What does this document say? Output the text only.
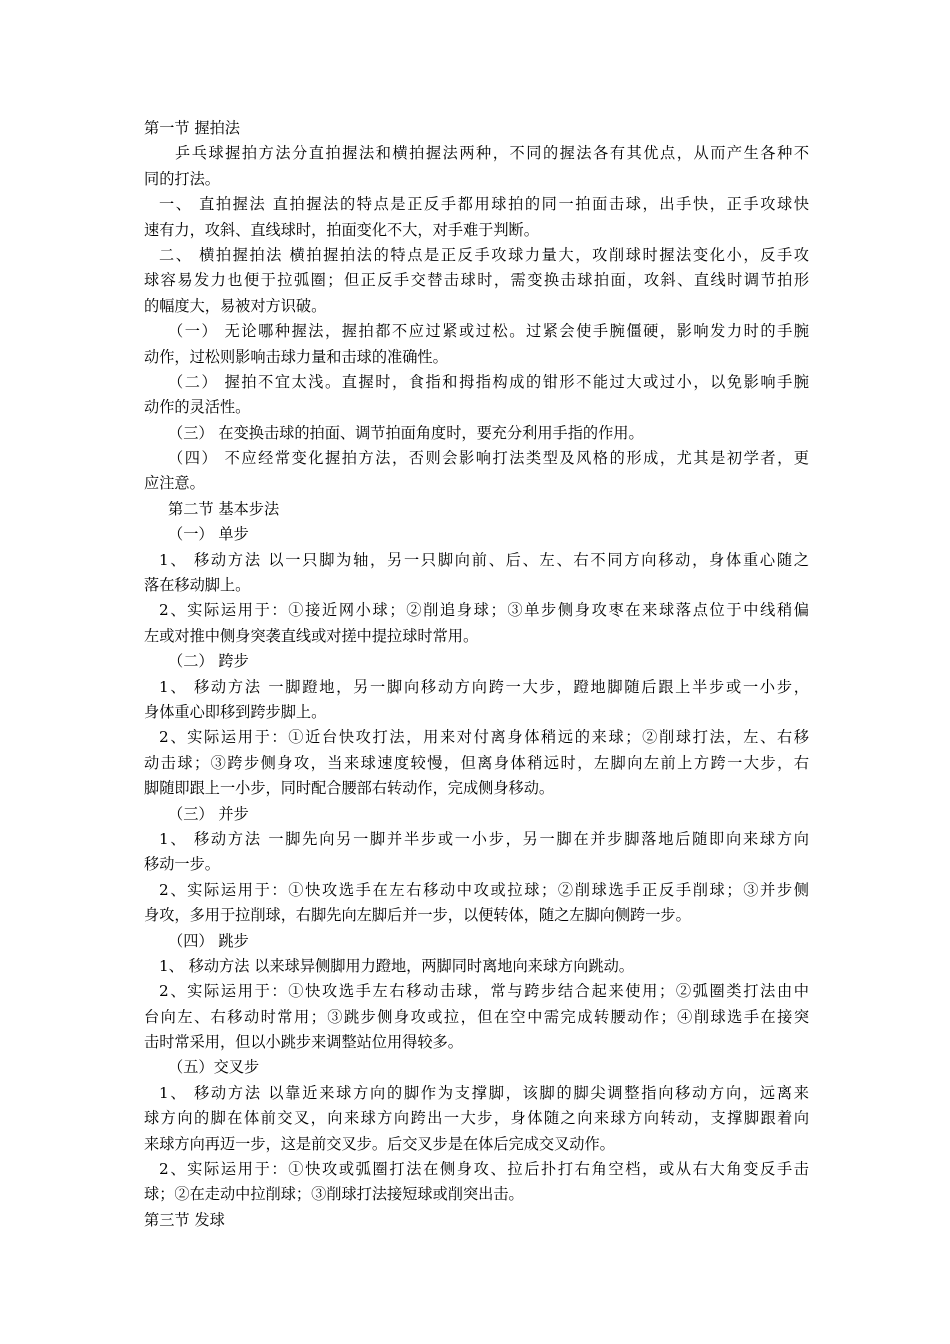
第一节 握拍法
乒乓球握拍方法分直拍握法和横拍握法两种，不同的握法各有其优点，从而产生各种不
同的打法。
一、 直拍握法 直拍握法的特点是正反手都用球拍的同一拍面击球，出手快，正手攻球快
速有力，攻斜、直线球时，拍面变化不大，对手难于判断。
二、 横拍握拍法 横拍握拍法的特点是正反手攻球力量大，攻削球时握法变化小，反手攻
球容易发力也便于拉弧圈；但正反手交替击球时，需变换击球拍面，攻斜、直线时调节拍形
的幅度大，易被对方识破。
（一） 无论哪种握法，握拍都不应过紧或过松。过紧会使手腕僵硬，影响发力时的手腕
动作，过松则影响击球力量和击球的准确性。
（二） 握拍不宜太浅。直握时，食指和拇指构成的钳形不能过大或过小，以免影响手腕
动作的灵活性。
（三） 在变换击球的拍面、调节拍面角度时，要充分利用手指的作用。
（四） 不应经常变化握拍方法，否则会影响打法类型及风格的形成，尤其是初学者，更
应注意。
第二节 基本步法
（一） 单步
1、 移动方法 以一只脚为轴，另一只脚向前、后、左、右不同方向移动，身体重心随之
落在移动脚上。
2、实际运用于：①接近网小球；②削追身球；③单步侧身攻枣在来球落点位于中线稍偏
左或对推中侧身突袭直线或对搓中提拉球时常用。
（二） 跨步
1、 移动方法 一脚蹬地，另一脚向移动方向跨一大步，蹬地脚随后跟上半步或一小步，
身体重心即移到跨步脚上。
2、实际运用于：①近台快攻打法，用来对付离身体稍远的来球；②削球打法，左、右移
动击球；③跨步侧身攻，当来球速度较慢，但离身体稍远时，左脚向左前上方跨一大步，右
脚随即跟上一小步，同时配合腰部右转动作，完成侧身移动。
（三） 并步
1、 移动方法 一脚先向另一脚并半步或一小步，另一脚在并步脚落地后随即向来球方向
移动一步。
2、实际运用于：①快攻选手在左右移动中攻或拉球；②削球选手正反手削球；③并步侧
身攻，多用于拉削球，右脚先向左脚后并一步，以便转体，随之左脚向侧跨一步。
（四） 跳步
1、 移动方法 以来球异侧脚用力蹬地，两脚同时离地向来球方向跳动。
2、实际运用于：①快攻选手左右移动击球，常与跨步结合起来使用；②弧圈类打法由中
台向左、右移动时常用；③跳步侧身攻或拉，但在空中需完成转腰动作；④削球选手在接突
击时常采用，但以小跳步来调整站位用得较多。
（五）交叉步
1、 移动方法 以靠近来球方向的脚作为支撑脚，该脚的脚尖调整指向移动方向，远离来
球方向的脚在体前交叉，向来球方向跨出一大步，身体随之向来球方向转动，支撑脚跟着向
来球方向再迈一步，这是前交叉步。后交叉步是在体后完成交叉动作。
2、实际运用于：①快攻或弧圈打法在侧身攻、拉后扑打右角空档，或从右大角变反手击
球；②在走动中拉削球；③削球打法接短球或削突出击。
第三节 发球
